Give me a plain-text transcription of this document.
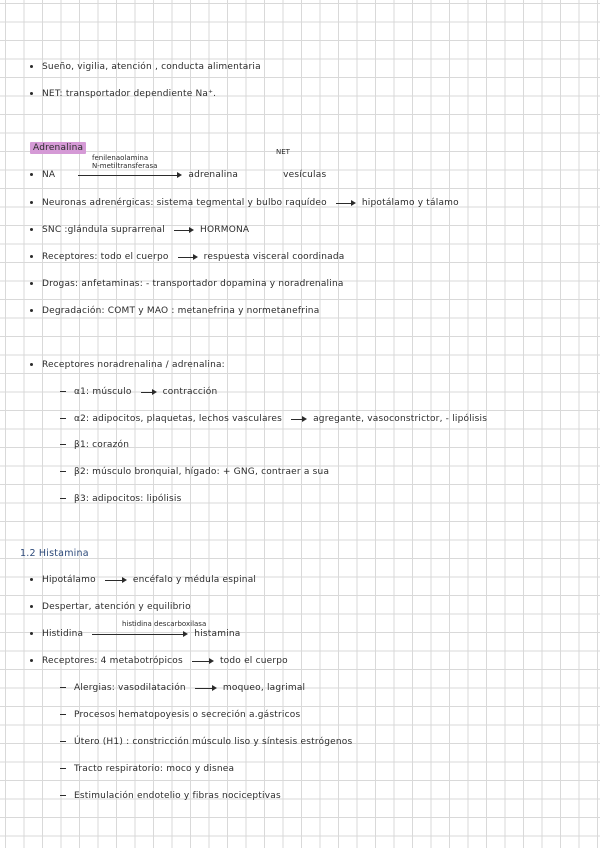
Sueño, vigilia, atención , conducta alimentaria
NET: transportador dependiente Na⁺.
Adrenalina
fenilenaolamina
N-metiltransferasa
NET
NA	adrenalina	vesículas
Neuronas adrenérgicas: sistema tegmental y bulbo raquídeo	hipotálamo y tálamo
SNC :glándula suprarrenal	HORMONA
Receptores: todo el cuerpo	respuesta visceral coordinada
Drogas: anfetaminas: - transportador dopamina y noradrenalina
Degradación: COMT y MAO : metanefrina y normetanefrina
Receptores noradrenalina / adrenalina:
α1: músculo	contracción
α2: adipocitos, plaquetas, lechos vasculares	agregante, vasoconstrictor, - lipólisis
β1: corazón
β2: músculo bronquial, hígado: + GNG, contraer a sua
β3: adipocitos: lipólisis
1.2 Histamina
Hipotálamo	encéfalo y médula espinal
Despertar, atención y equilibrio
histidina descarboxilasa
Histidina	histamina
Receptores: 4 metabotrópicos	todo el cuerpo
Alergias: vasodilatación	moqueo, lagrimal
Procesos hematopoyesis o secreción a.gástricos
Útero (H1) : constricción músculo liso y síntesis estrógenos
Tracto respiratorio: moco y disnea
Estimulación endotelio y fibras nociceptivas
